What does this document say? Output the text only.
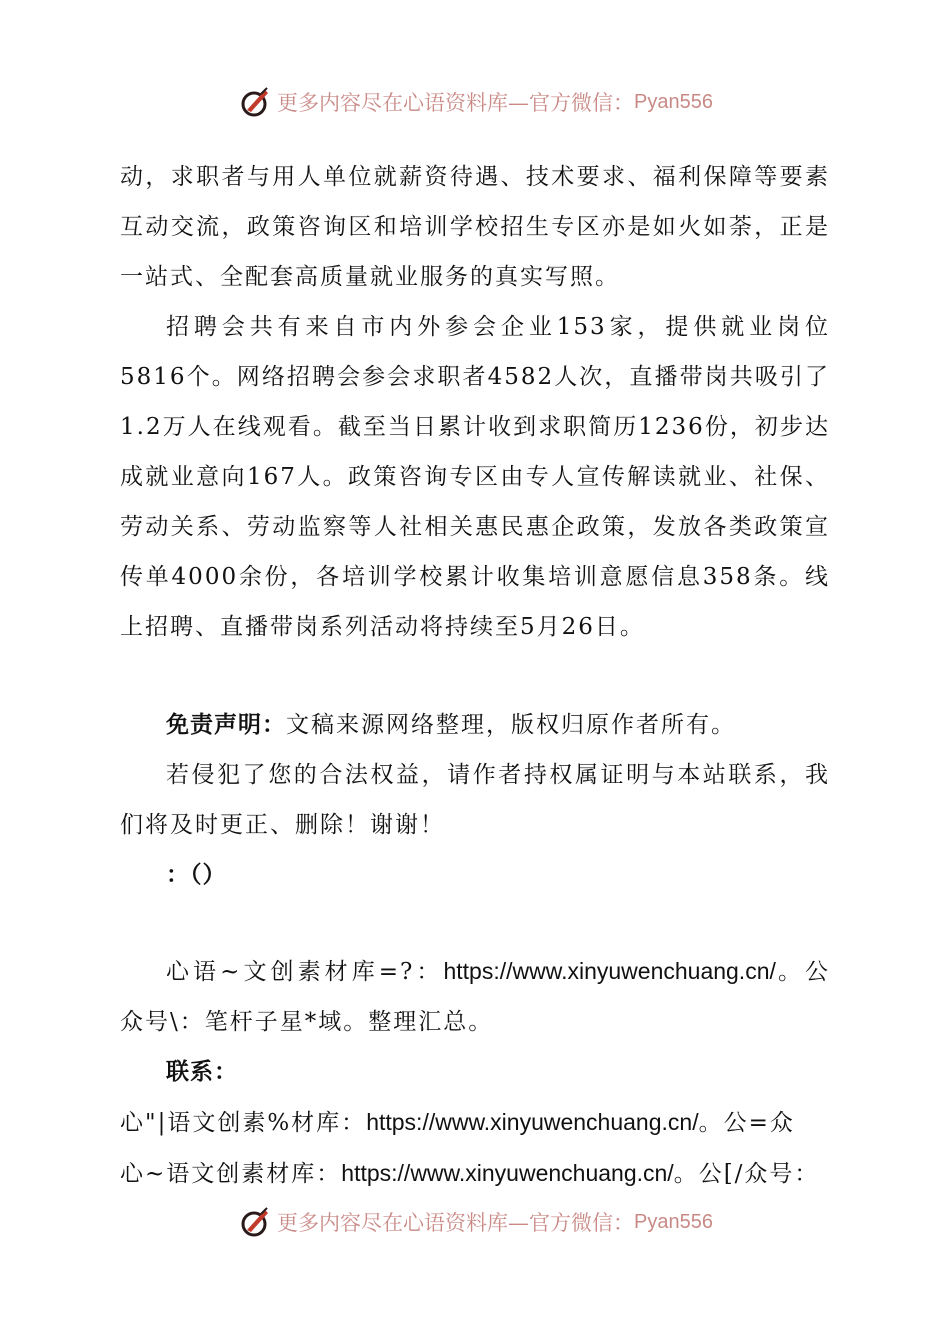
更多内容尽在心语资料库—官方微信： Pyan556

动，求职者与用人单位就薪资待遇、技术要求、福利保障等要素互动交流，政策咨询区和培训学校招生专区亦是如火如荼，正是一站式、全配套高质量就业服务的真实写照。

招聘会共有来自市内外参会企业153家，提供就业岗位5816个。网络招聘会参会求职者4582人次，直播带岗共吸引了1.2万人在线观看。截至当日累计收到求职简历1236份，初步达成就业意向167人。政策咨询专区由专人宣传解读就业、社保、劳动关系、劳动监察等人社相关惠民惠企政策，发放各类政策宣传单4000余份，各培训学校累计收集培训意愿信息358条。线上招聘、直播带岗系列活动将持续至5月26日。

免责声明：文稿来源网络整理，版权归原作者所有。

若侵犯了您的合法权益，请作者持权属证明与本站联系，我们将及时更正、删除！谢谢！

：（）

心语~文创素材库=?：https://www.xinyuwenchuang.cn/。公众号\：笔杆子星*域。整理汇总。

联系：

心"|语文创素%材库：https://www.xinyuwenchuang.cn/。公=众

心~语文创素材库：https://www.xinyuwenchuang.cn/。公[/众号：

更多内容尽在心语资料库—官方微信： Pyan556
